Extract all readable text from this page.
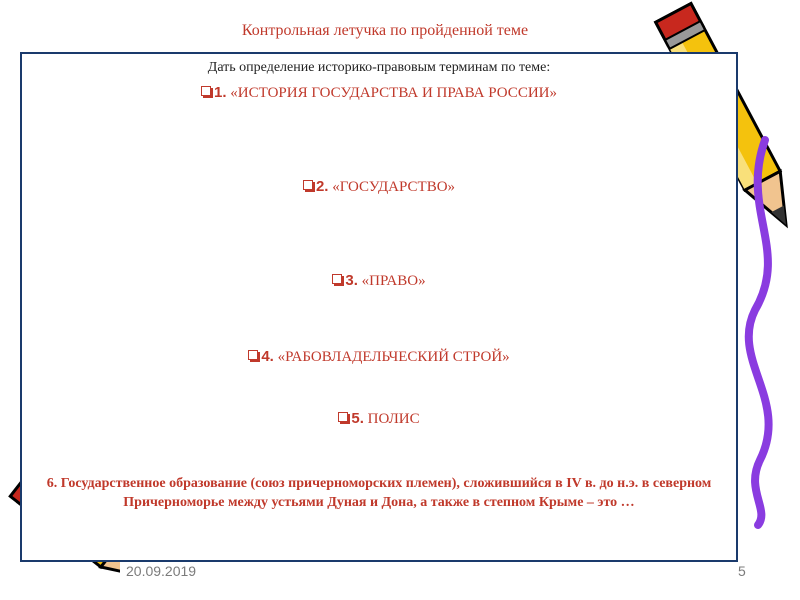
Контрольная летучка по пройденной теме
Дать определение историко-правовым терминам по теме:
1. «ИСТОРИЯ ГОСУДАРСТВА И ПРАВА РОССИИ»
2. «ГОСУДАРСТВО»
3. «ПРАВО»
4. «РАБОВЛАДЕЛЬЧЕСКИЙ СТРОЙ»
5. ПОЛИС
6. Государственное образование (союз причерноморских племен), сложившийся в IV в. до н.э. в северном Причерноморье между устьями Дуная и Дона, а также в степном Крыме – это …
20.09.2019	5
